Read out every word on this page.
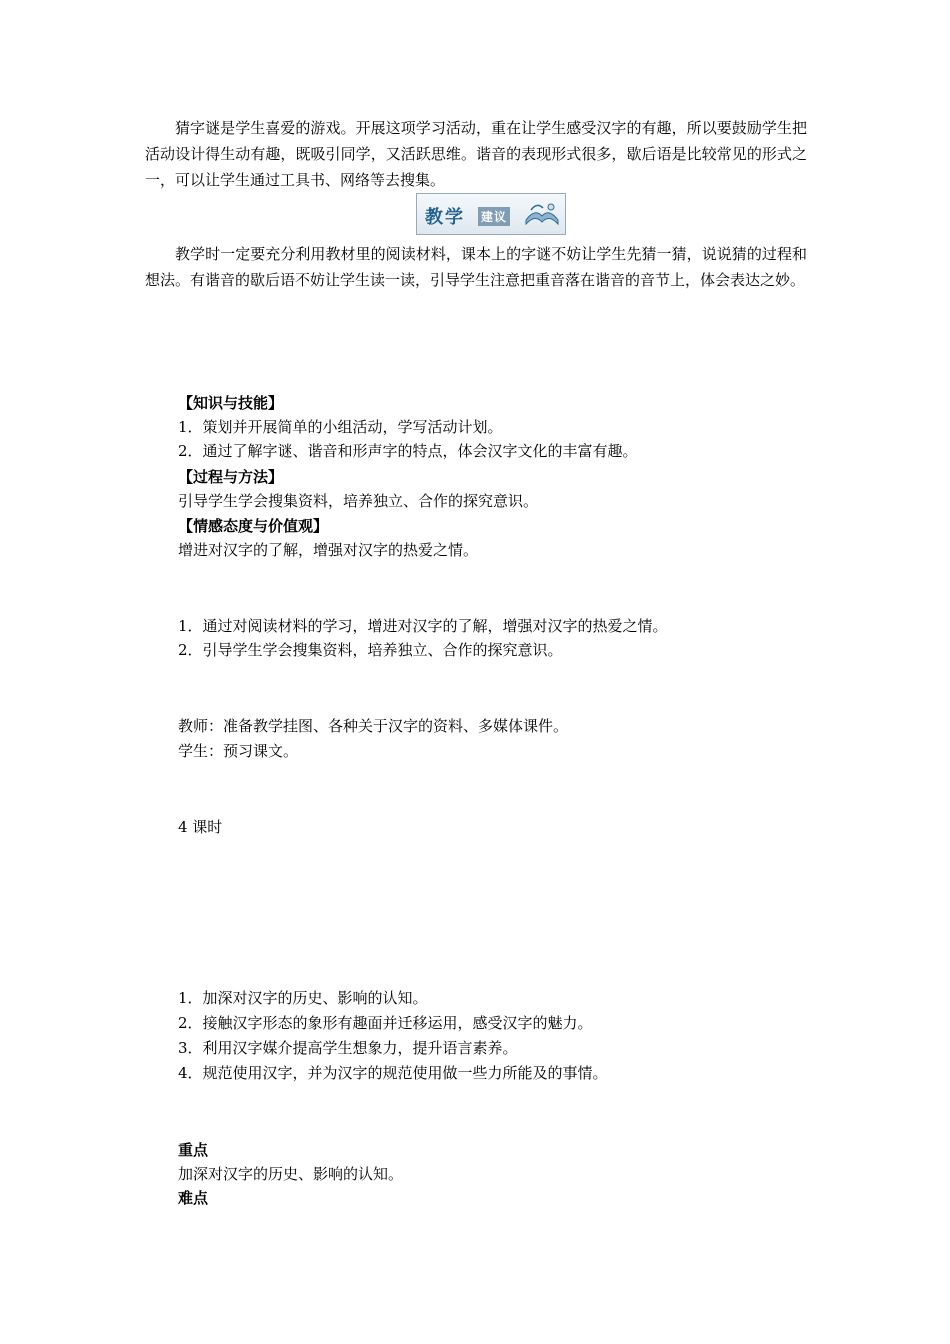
猜字谜是学生喜爱的游戏。开展这项学习活动，重在让学生感受汉字的有趣，所以要鼓励学生把活动设计得生动有趣，既吸引同学，又活跃思维。谐音的表现形式很多，歇后语是比较常见的形式之一，可以让学生通过工具书、网络等去搜集。

教学 建议

教学时一定要充分利用教材里的阅读材料，课本上的字谜不妨让学生先猜一猜，说说猜的过程和想法。有谐音的歇后语不妨让学生读一读，引导学生注意把重音落在谐音的音节上，体会表达之妙。

【知识与技能】

1．策划并开展简单的小组活动，学写活动计划。

2．通过了解字谜、谐音和形声字的特点，体会汉字文化的丰富有趣。

【过程与方法】

引导学生学会搜集资料，培养独立、合作的探究意识。

【情感态度与价值观】

增进对汉字的了解，增强对汉字的热爱之情。

1．通过对阅读材料的学习，增进对汉字的了解，增强对汉字的热爱之情。

2．引导学生学会搜集资料，培养独立、合作的探究意识。

教师：准备教学挂图、各种关于汉字的资料、多媒体课件。

学生：预习课文。

4 课时

1．加深对汉字的历史、影响的认知。

2．接触汉字形态的象形有趣面并迁移运用，感受汉字的魅力。

3．利用汉字媒介提高学生想象力，提升语言素养。

4．规范使用汉字，并为汉字的规范使用做一些力所能及的事情。

重点

加深对汉字的历史、影响的认知。

难点
